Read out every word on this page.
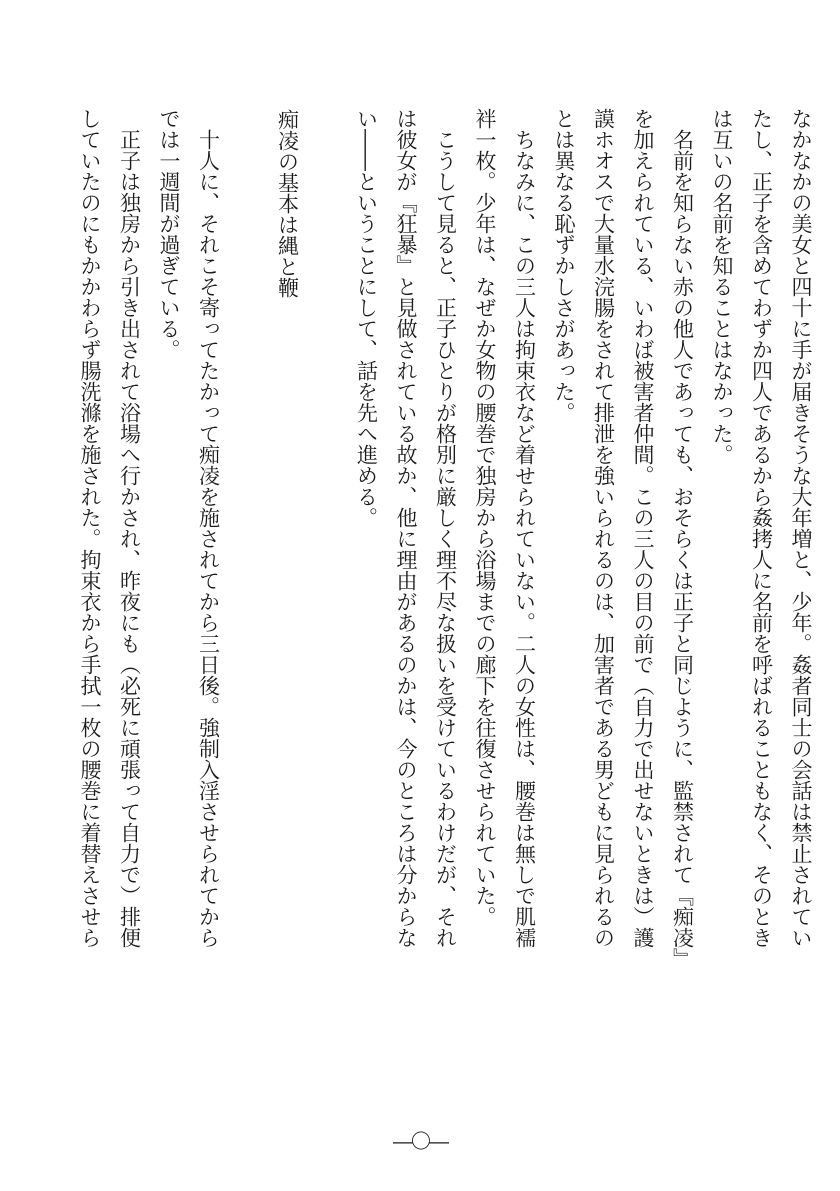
なかなかの美女と四十に手が届きそうな大年増と、少年。姦者同士の会話は禁止されてい
たし、正子を含めてわずか四人であるから姦拷人に名前を呼ばれることもなく、そのとき
は互いの名前を知ることはなかった。
　名前を知らない赤の他人であっても、おそらくは正子と同じように、監禁されて『痴凌』
を加えられている、いわば被害者仲間。この三人の目の前で（自力で出せないときは）護
謨ホオスで大量水浣腸をされて排泄を強いられるのは、加害者である男どもに見られるの
とは異なる恥ずかしさがあった。
　ちなみに、この三人は拘束衣など着せられていない。二人の女性は、腰巻は無しで肌襦
袢一枚。少年は、なぜか女物の腰巻で独房から浴場までの廊下を往復させられていた。
　こうして見ると、正子ひとりが格別に厳しく理不尽な扱いを受けているわけだが、それ
は彼女が『狂暴』と見做されている故か、他に理由があるのかは、今のところは分からな
い――ということにして、話を先へ進める。
痴凌の基本は縄と鞭
　十人に、それこそ寄ってたかって痴凌を施されてから三日後。強制入淫させられてから
では一週間が過ぎている。
　正子は独房から引き出されて浴場へ行かされ、昨夜にも（必死に頑張って自力で）排便
していたのにもかかわらず腸洗滌を施された。拘束衣から手拭一枚の腰巻に着替えさせら
―〇―
